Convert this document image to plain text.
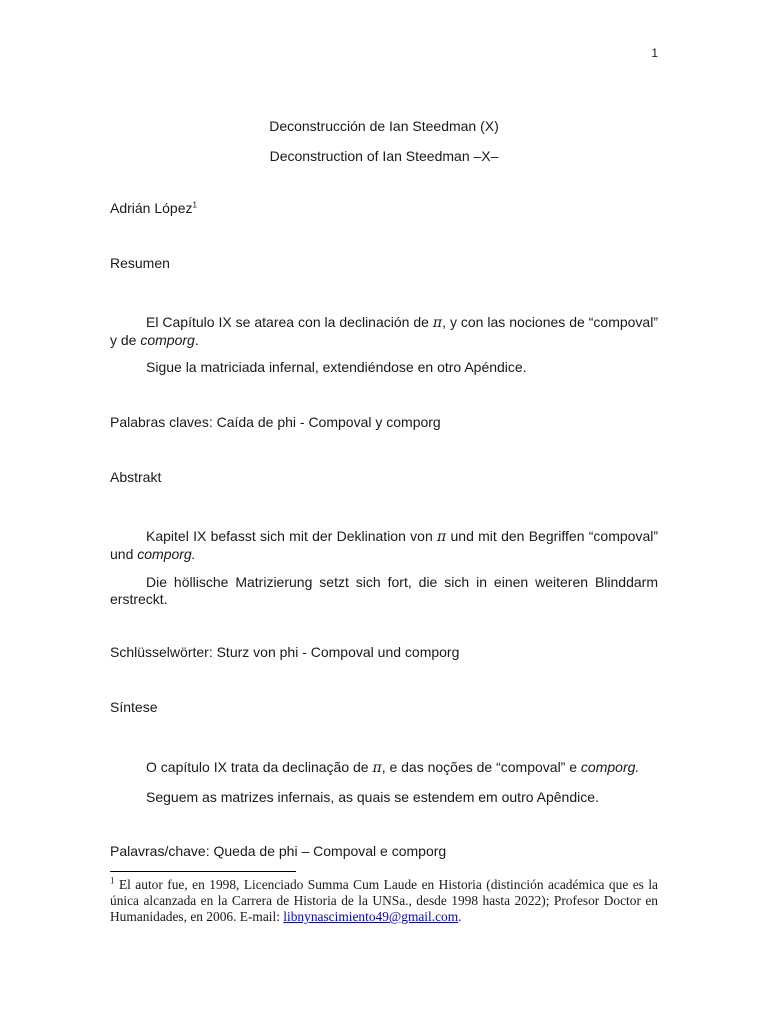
1
Deconstrucción de Ian Steedman (X)
Deconstruction of Ian Steedman –X–
Adrián López$^1$
Resumen
El Capítulo IX se atarea con la declinación de π, y con las nociones de “compoval” y de comporg.
Sigue la matriciada infernal, extendiéndose en otro Apéndice.
Palabras claves: Caída de phi - Compoval y comporg
Abstrakt
Kapitel IX befasst sich mit der Deklination von π und mit den Begriffen “compoval” und comporg.
Die höllische Matrizierung setzt sich fort, die sich in einen weiteren Blinddarm erstreckt.
Schlüsselwörter: Sturz von phi - Compoval und comporg
Síntese
O capítulo IX trata da declinação de π, e das noções de “compoval” e comporg.
Seguem as matrizes infernais, as quais se estendem em outro Apêndice.
Palavras/chave: Queda de phi – Compoval e comporg
$^1$ El autor fue, en 1998, Licenciado Summa Cum Laude en Historia (distinción académica que es la única alcanzada en la Carrera de Historia de la UNSa., desde 1998 hasta 2022); Profesor Doctor en Humanidades, en 2006. E-mail: libnynascimiento49@gmail.com.
